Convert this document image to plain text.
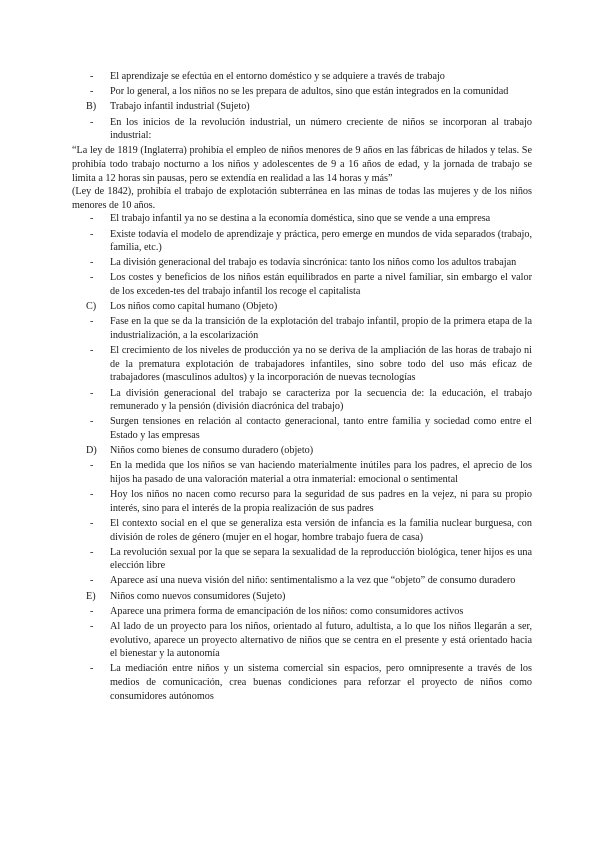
-	El aprendizaje se efectúa en el entorno doméstico y se adquiere a través de trabajo
-	Por lo general, a los niños no se les prepara de adultos, sino que están integrados en la comunidad
B)	Trabajo infantil industrial (Sujeto)
-	En los inicios de la revolución industrial, un número creciente de niños se incorporan al trabajo industrial:
“La ley de 1819 (Inglaterra) prohibía el empleo de niños menores de 9 años en las fábricas de hilados y telas. Se prohibía todo trabajo nocturno a los niños y adolescentes de 9 a 16 años de edad, y la jornada de trabajo se limita a 12 horas sin pausas, pero se extendía en realidad a las 14 horas y más”
(Ley de 1842), prohibía el trabajo de explotación subterránea en las minas de todas las mujeres y de los niños menores de 10 años.
-	El trabajo infantil ya no se destina a la economía doméstica, sino que se vende a una empresa
-	Existe todavía el modelo de aprendizaje y práctica, pero emerge en mundos de vida separados (trabajo, familia, etc.)
-	La división generacional del trabajo es todavía sincrónica: tanto los niños como los adultos trabajan
-	Los costes y beneficios de los niños están equilibrados en parte a nivel familiar, sin embargo el valor de los exceden-tes del trabajo infantil los recoge el capitalista
C)	Los niños como capital humano (Objeto)
-	Fase en la que se da la transición de la explotación del trabajo infantil, propio de la primera etapa de la industrialización, a la escolarización
-	El crecimiento de los niveles de producción ya no se deriva de la ampliación de las horas de trabajo ni de la prematura explotación de trabajadores infantiles, sino sobre todo del uso más eficaz de trabajadores (masculinos adultos) y la incorporación de nuevas tecnologías
-	La división generacional del trabajo se caracteriza por la secuencia de: la educación, el trabajo remunerado y la pensión (división diacrónica del trabajo)
-	Surgen tensiones en relación al contacto generacional, tanto entre familia y sociedad como entre el Estado y las empresas
D)	Niños como bienes de consumo duradero (objeto)
-	En la medida que los niños se van haciendo materialmente inútiles para los padres, el aprecio de los hijos ha pasado de una valoración material a otra inmaterial: emocional o sentimental
-	Hoy los niños no nacen como recurso para la seguridad de sus padres en la vejez, ni para su propio interés, sino para el interés de la propia realización de sus padres
-	El contexto social en el que se generaliza esta versión de infancia es la familia nuclear burguesa, con división de roles de género (mujer en el hogar, hombre trabajo fuera de casa)
-	La revolución sexual por la que se separa la sexualidad de la reproducción biológica, tener hijos es una elección libre
-	Aparece así una nueva visión del niño: sentimentalismo a la vez que “objeto” de consumo duradero
E)	Niños como nuevos consumidores (Sujeto)
-	Aparece una primera forma de emancipación de los niños: como consumidores activos
-	Al lado de un proyecto para los niños, orientado al futuro, adultista, a lo que los niños llegarán a ser, evolutivo, aparece un proyecto alternativo de niños que se centra en el presente y está orientado hacia el bienestar y la autonomía
-	La mediación entre niños y un sistema comercial sin espacios, pero omnipresente a través de los medios de comunicación, crea buenas condiciones para reforzar el proyecto de niños como consumidores autónomos
